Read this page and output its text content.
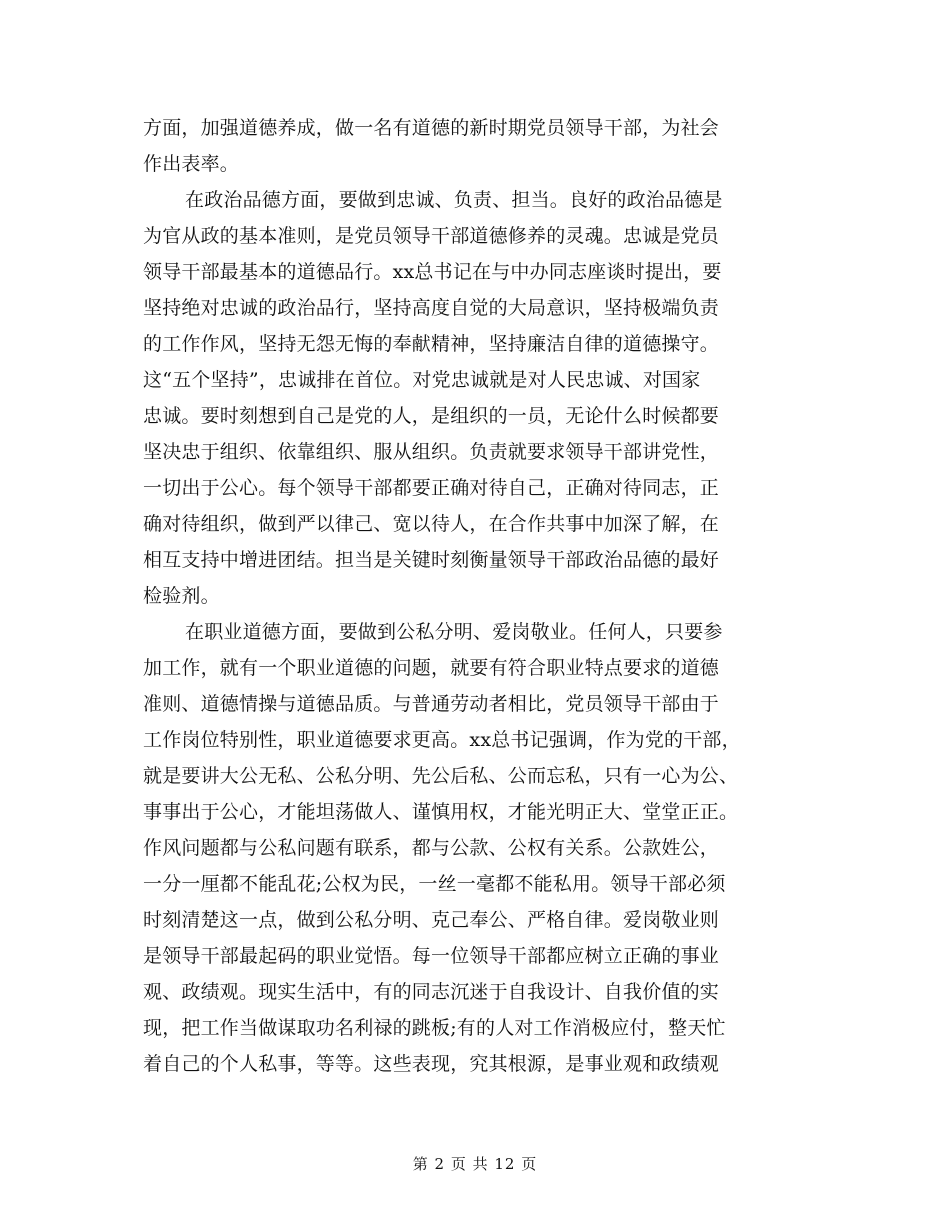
方面，加强道德养成，做一名有道德的新时期党员领导干部，为社会
作出表率。
在政治品德方面，要做到忠诚、负责、担当。良好的政治品德是
为官从政的基本准则，是党员领导干部道德修养的灵魂。忠诚是党员
领导干部最基本的道德品行。xx总书记在与中办同志座谈时提出，要
坚持绝对忠诚的政治品行，坚持高度自觉的大局意识，坚持极端负责
的工作作风，坚持无怨无悔的奉献精神，坚持廉洁自律的道德操守。
这“五个坚持”，忠诚排在首位。对党忠诚就是对人民忠诚、对国家
忠诚。要时刻想到自己是党的人，是组织的一员，无论什么时候都要
坚决忠于组织、依靠组织、服从组织。负责就要求领导干部讲党性，
一切出于公心。每个领导干部都要正确对待自己，正确对待同志，正
确对待组织，做到严以律己、宽以待人，在合作共事中加深了解，在
相互支持中增进团结。担当是关键时刻衡量领导干部政治品德的最好
检验剂。
在职业道德方面，要做到公私分明、爱岗敬业。任何人，只要参
加工作，就有一个职业道德的问题，就要有符合职业特点要求的道德
准则、道德情操与道德品质。与普通劳动者相比，党员领导干部由于
工作岗位特别性，职业道德要求更高。xx总书记强调，作为党的干部，
就是要讲大公无私、公私分明、先公后私、公而忘私，只有一心为公、
事事出于公心，才能坦荡做人、谨慎用权，才能光明正大、堂堂正正。
作风问题都与公私问题有联系，都与公款、公权有关系。公款姓公，
一分一厘都不能乱花;公权为民，一丝一毫都不能私用。领导干部必须
时刻清楚这一点，做到公私分明、克己奉公、严格自律。爱岗敬业则
是领导干部最起码的职业觉悟。每一位领导干部都应树立正确的事业
观、政绩观。现实生活中，有的同志沉迷于自我设计、自我价值的实
现，把工作当做谋取功名利禄的跳板;有的人对工作消极应付，整天忙
着自己的个人私事，等等。这些表现，究其根源，是事业观和政绩观
第 2 页 共 12 页
